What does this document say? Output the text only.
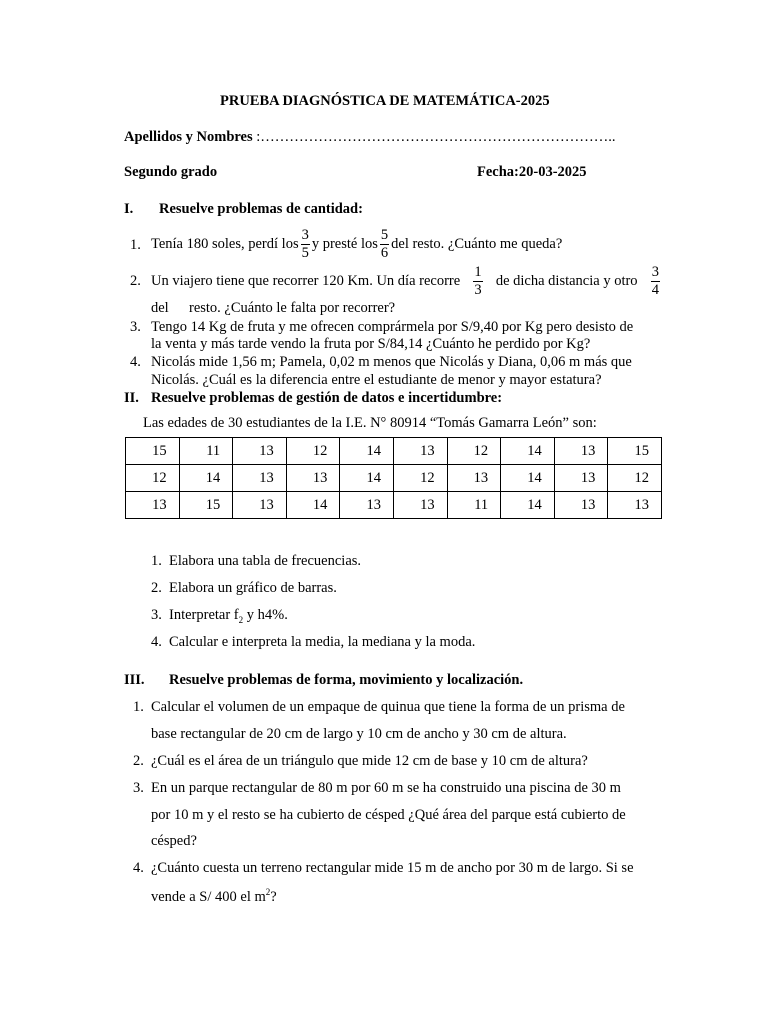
PRUEBA DIAGNÓSTICA DE MATEMÁTICA-2025
Apellidos y Nombres :………………………………………………………………..
Segundo grado	Fecha:20-03-2025
I. Resuelve problemas de cantidad:
1. Tenía 180 soles, perdí los $\frac{3}{5}$ y presté los $\frac{5}{6}$ del resto. ¿Cuánto me queda?
2. Un viajero tiene que recorrer 120 Km. Un día recorre $\frac{1}{3}$ de dicha distancia y otro $\frac{3}{4}$
del resto. ¿Cuánto le falta por recorrer?
3. Tengo 14 Kg de fruta y me ofrecen comprármela por S/9,40 por Kg pero desisto de
la venta y más tarde vendo la fruta por S/84,14 ¿Cuánto he perdido por Kg?
4. Nicolás mide 1,56 m; Pamela, 0,02 m menos que Nicolás y Diana, 0,06 m más que
Nicolás. ¿Cuál es la diferencia entre el estudiante de menor y mayor estatura?
II. Resuelve problemas de gestión de datos e incertidumbre:
Las edades de 30 estudiantes de la I.E. N° 80914 “Tomás Gamarra León” son:
15	11	13	12	14	13	12	14	13	15
12	14	13	13	14	12	13	14	13	12
13	15	13	14	13	13	11	14	13	13
1. Elabora una tabla de frecuencias.
2. Elabora un gráfico de barras.
3. Interpretar $f_2$ y h4%.
4. Calcular e interpreta la media, la mediana y la moda.
III. Resuelve problemas de forma, movimiento y localización.
1. Calcular el volumen de un empaque de quinua que tiene la forma de un prisma de
base rectangular de 20 cm de largo y 10 cm de ancho y 30 cm de altura.
2. ¿Cuál es el área de un triángulo que mide 12 cm de base y 10 cm de altura?
3. En un parque rectangular de 80 m por 60 m se ha construido una piscina de 30 m
por 10 m y el resto se ha cubierto de césped ¿Qué área del parque está cubierto de
césped?
4. ¿Cuánto cuesta un terreno rectangular mide 15 m de ancho por 30 m de largo. Si se
vende a S/ 400 el $m^2$?
